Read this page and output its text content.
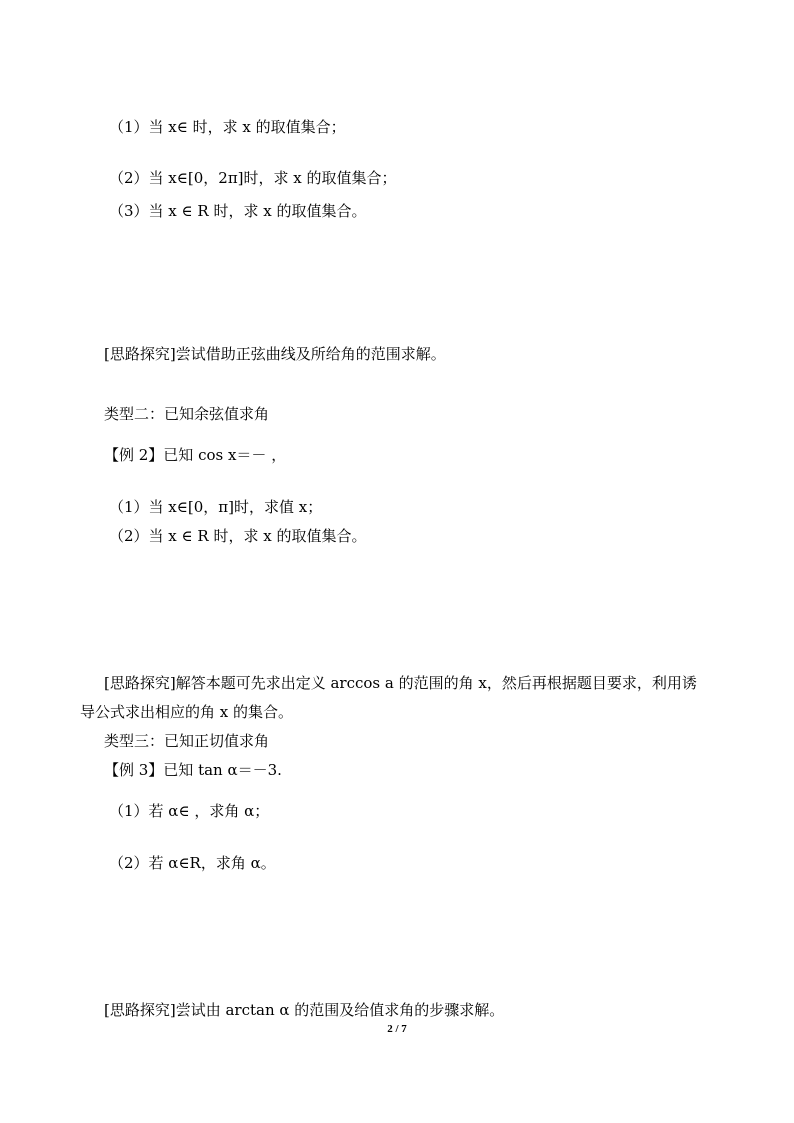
（1）当 x∈ 时，求 x 的取值集合；
（2）当 x∈[0，2π]时，求 x 的取值集合；
（3）当 x ∈ R 时，求 x 的取值集合。
[思路探究]尝试借助正弦曲线及所给角的范围求解。
类型二：已知余弦值求角
【例 2】已知 cos x＝－ ，
（1）当 x∈[0，π]时，求值 x；
（2）当 x ∈ R 时，求 x 的取值集合。
[思路探究]解答本题可先求出定义 arccos a 的范围的角 x，然后再根据题目要求，利用诱
导公式求出相应的角 x 的集合。
类型三：已知正切值求角
【例 3】已知 tan α＝－3.
（1）若 α∈ ，求角 α；
（2）若 α∈R，求角 α。
[思路探究]尝试由 arctan α 的范围及给值求角的步骤求解。
2 / 7
